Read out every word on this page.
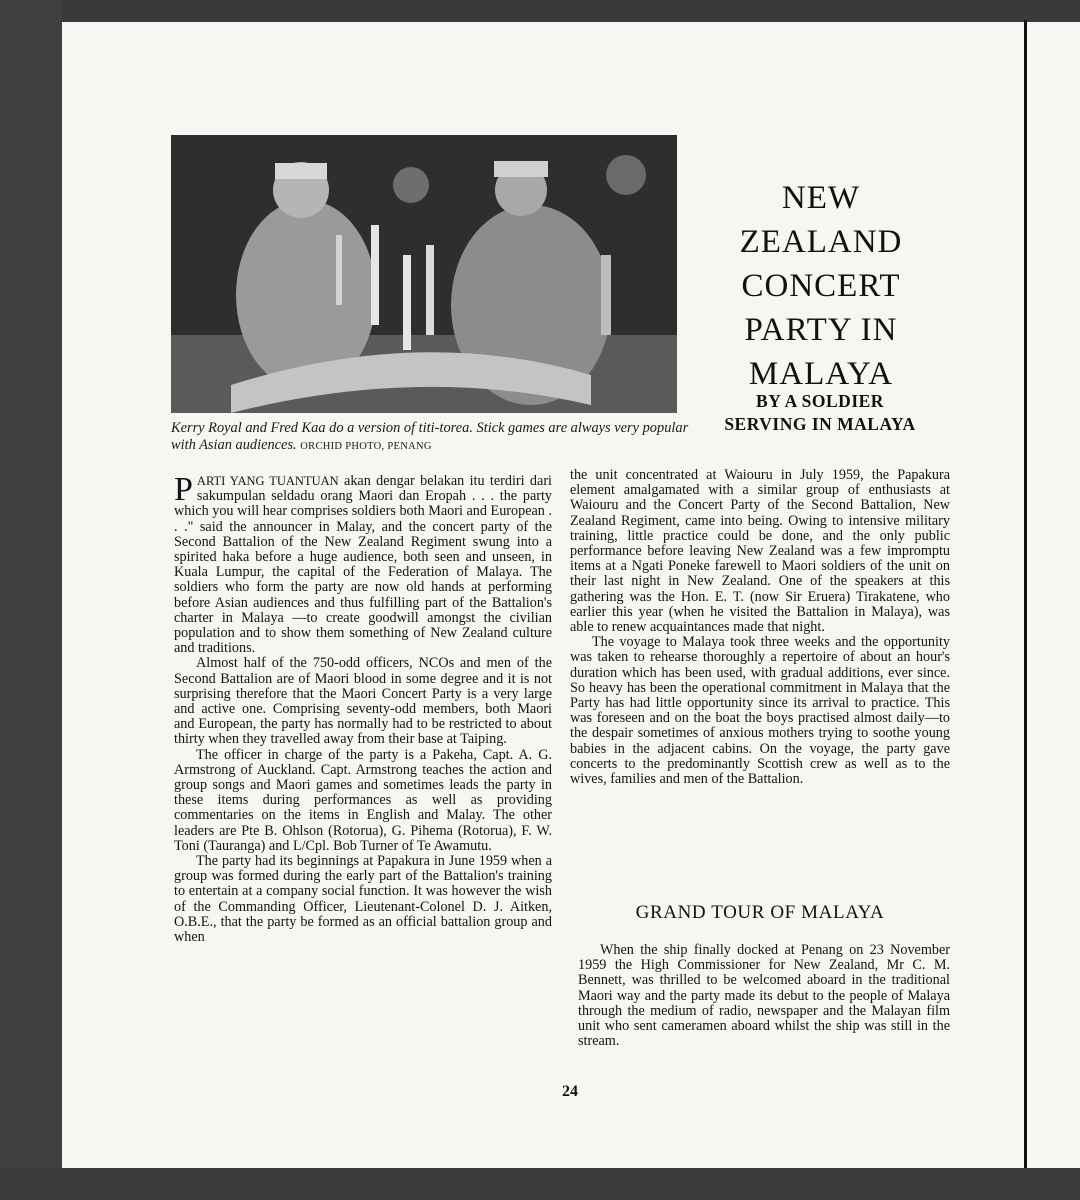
Kerry Royal and Fred Kaa do a version of titi-torea. Stick games are always very popular with Asian audiences. ORCHID PHOTO, PENANG
NEW
ZEALAND
CONCERT
PARTY IN
MALAYA
BY A SOLDIER
SERVING IN MALAYA

PARTI YANG TUANTUAN akan dengar belakan itu terdiri dari sakumpulan seldadu orang Maori dan Eropah . . . the party which you will hear comprises soldiers both Maori and European . . ." said the announcer in Malay, and the concert party of the Second Battalion of the New Zealand Regiment swung into a spirited haka before a huge audience, both seen and unseen, in Kuala Lumpur, the capital of the Federation of Malaya. The soldiers who form the party are now old hands at performing before Asian audiences and thus fulfilling part of the Battalion's charter in Malaya —to create goodwill amongst the civilian population and to show them something of New Zealand culture and traditions.

Almost half of the 750-odd officers, NCOs and men of the Second Battalion are of Maori blood in some degree and it is not surprising therefore that the Maori Concert Party is a very large and active one. Comprising seventy-odd members, both Maori and European, the party has normally had to be restricted to about thirty when they travelled away from their base at Taiping.

The officer in charge of the party is a Pakeha, Capt. A. G. Armstrong of Auckland. Capt. Armstrong teaches the action and group songs and Maori games and sometimes leads the party in these items during performances as well as providing commentaries on the items in English and Malay. The other leaders are Pte B. Ohlson (Rotorua), G. Pihema (Rotorua), F. W. Toni (Tauranga) and L/Cpl. Bob Turner of Te Awamutu.

The party had its beginnings at Papakura in June 1959 when a group was formed during the early part of the Battalion's training to entertain at a company social function. It was however the wish of the Commanding Officer, Lieutenant-Colonel D. J. Aitken, O.B.E., that the party be formed as an official battalion group and when

the unit concentrated at Waiouru in July 1959, the Papakura element amalgamated with a similar group of enthusiasts at Waiouru and the Concert Party of the Second Battalion, New Zealand Regiment, came into being. Owing to intensive military training, little practice could be done, and the only public performance before leaving New Zealand was a few impromptu items at a Ngati Poneke farewell to Maori soldiers of the unit on their last night in New Zealand. One of the speakers at this gathering was the Hon. E. T. (now Sir Eruera) Tirakatene, who earlier this year (when he visited the Battalion in Malaya), was able to renew acquaintances made that night.

The voyage to Malaya took three weeks and the opportunity was taken to rehearse thoroughly a repertoire of about an hour's duration which has been used, with gradual additions, ever since. So heavy has been the operational commitment in Malaya that the Party has had little opportunity since its arrival to practice. This was foreseen and on the boat the boys practised almost daily—to the despair sometimes of anxious mothers trying to soothe young babies in the adjacent cabins. On the voyage, the party gave concerts to the predominantly Scottish crew as well as to the wives, families and men of the Battalion.

GRAND TOUR OF MALAYA

When the ship finally docked at Penang on 23 November 1959 the High Commissioner for New Zealand, Mr C. M. Bennett, was thrilled to be welcomed aboard in the traditional Maori way and the party made its debut to the people of Malaya through the medium of radio, newspaper and the Malayan film unit who sent cameramen aboard whilst the ship was still in the stream.

24
